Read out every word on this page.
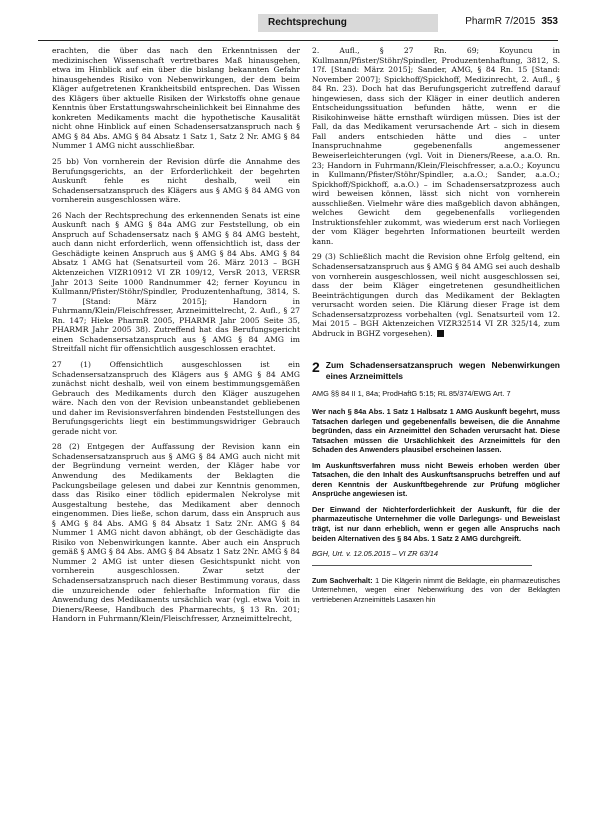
Rechtsprechung	PharmR 7/2015 353

erachten, die über das nach den Erkenntnissen der medizinischen Wissenschaft vertretbares Maß hinausgehen, etwa im Hinblick auf ein über die bislang bekannten Gefahr hinausgehendes Risiko von Nebenwirkungen, der dem beim Kläger aufgetretenen Krankheitsbild entsprechen. Das Wissen des Klägers über aktuelle Risiken der Wirkstoffs ohne genaue Kenntnis über Erstattungswahrscheinlichkeit bei Einnahme des konkreten Medikaments macht die hypothetische Kausalität nicht ohne Hinblick auf einen Schadensersatzanspruch nach § AMG § 84 Abs. AMG § 84 Absatz 1 Satz 1, Satz 2 Nr. AMG § 84 Nummer 1 AMG nicht ausschließbar.

25 bb) Von vornherein der Revision dürfe die Annahme des Berufungsgerichts, an der Erforderlichkeit der begehrten Auskunft fehle es nicht deshalb, weil ein Schadensersatzanspruch des Klägers aus § AMG § 84 AMG von vornherein ausgeschlossen wäre.

26 Nach der Rechtsprechung des erkennenden Senats ist eine Auskunft nach § AMG § 84a AMG zur Feststellung, ob ein Anspruch auf Schadensersatz nach § AMG § 84 AMG besteht, auch dann nicht erforderlich, wenn offensichtlich ist, dass der Geschädigte keinen Anspruch aus § AMG § 84 Abs. AMG § 84 Absatz 1 AMG hat (Senatsurteil vom 26. März 2013 – BGH Aktenzeichen VIZR10912 VI ZR 109/12, VersR 2013, VERSR Jahr 2013 Seite 1000 Randnummer 42; ferner Koyuncu in Kullmann/Pfister/Stöhr/Spindler, Produzentenhaftung, 3814, S. 7 [Stand: März 2015]; Handorn in Fuhrmann/Klein/Fleischfresser, Arzneimittelrecht, 2. Aufl., § 27 Rn. 147; Hieke PharmR 2005, PHARMR Jahr 2005 Seite 35, PHARMR Jahr 2005 38). Zutreffend hat das Berufungsgericht einen Schadensersatzanspruch aus § AMG § 84 AMG im Streitfall nicht für offensichtlich ausgeschlossen erachtet.

27 (1) Offensichtlich ausgeschlossen ist ein Schadensersatzanspruch des Klägers aus § AMG § 84 AMG zunächst nicht deshalb, weil von einem bestimmungsgemäßen Gebrauch des Medikaments durch den Kläger auszugehen wäre. Nach den von der Revision unbeanstandet gebliebenen und daher im Revisionsverfahren bindenden Feststellungen des Berufungsgerichts liegt ein bestimmungswidriger Gebrauch gerade nicht vor.

28 (2) Entgegen der Auffassung der Revision kann ein Schadensersatzanspruch aus § AMG § 84 AMG auch nicht mit der Begründung verneint werden, der Kläger habe vor Anwendung des Medikaments der Beklagten die Packungsbeilage gelesen und dabei zur Kenntnis genommen, dass das Risiko einer tödlich epidermalen Nekrolyse mit Ausgestaltung bestehe, das Medikament aber dennoch eingenommen. Dies ließe, schon darum, dass ein Anspruch aus § AMG § 84 Abs. AMG § 84 Absatz 1 Satz 2Nr. AMG § 84 Nummer 1 AMG nicht davon abhängt, ob der Geschädigte das Risiko von Nebenwirkungen kannte. Aber auch ein Anspruch gemäß § AMG § 84 Abs. AMG § 84 Absatz 1 Satz 2Nr. AMG § 84 Nummer 2 AMG ist unter diesen Gesichtspunkt nicht von vornherein ausgeschlossen. Zwar setzt der Schadensersatzanspruch nach dieser Bestimmung voraus, dass die unzureichende oder fehlerhafte Information für die Anwendung des Medikaments ursächlich war (vgl. etwa Voit in Dieners/Reese, Handbuch des Pharmarechts, § 13 Rn. 201; Handorn in Fuhrmann/Klein/Fleischfresser, Arzneimittelrecht,

2. Aufl., § 27 Rn. 69; Koyuncu in Kullmann/Pfister/Stöhr/Spindler, Produzentenhaftung, 3812, S. 17f. [Stand: März 2015]; Sander, AMG, § 84 Rn. 15 [Stand: November 2007]; Spickhoff/Spickhoff, Medizinrecht, 2. Aufl., § 84 Rn. 23). Doch hat das Berufungsgericht zutreffend darauf hingewiesen, dass sich der Kläger in einer deutlich anderen Entscheidungssituation befunden hätte, wenn er die Risikohinweise hätte ernsthaft würdigen müssen. Dies ist der Fall, da das Medikament verursachende Art – sich in diesem Fall anders entschieden hätte und dies – unter Inanspruchnahme gegebenenfalls angemessener Beweiserleichterungen (vgl. Voit in Dieners/Reese, a.a.O. Rn. 23; Handorn in Fuhrmann/Klein/Fleischfresser, a.a.O.; Koyuncu in Kullmann/Pfister/Stöhr/Spindler, a.a.O.; Sander, a.a.O.; Spickhoff/Spickhoff, a.a.O.) – im Schadensersatzprozess auch wird beweisen können, lässt sich nicht von vornherein ausschließen. Vielmehr wäre dies maßgeblich davon abhängen, welches Gewicht dem gegebenenfalls vorliegenden Instruktionsfehler zukommt, was wiederum erst nach Vorliegen der vom Kläger begehrten Informationen beurteilt werden kann.

29 (3) Schließlich macht die Revision ohne Erfolg geltend, ein Schadensersatzanspruch aus § AMG § 84 AMG sei auch deshalb von vornherein ausgeschlossen, weil nicht ausgeschlossen sei, dass der beim Kläger eingetretenen gesundheitlichen Beeinträchtigungen durch das Medikament der Beklagten verursacht worden seien. Die Klärung dieser Frage ist dem Schadensersatzprozess vorbehalten (vgl. Senatsurteil vom 12. Mai 2015 – BGH Aktenzeichen VIZR32514 VI ZR 325/14, zum Abdruck in BGHZ vorgesehen).

2 Zum Schadensersatzanspruch wegen Nebenwirkungen eines Arzneimittels
AMG §§ 84 II 1, 84a; ProdHaftG 5:15; RL 85/374/EWG Art. 7

Wer nach § 84a Abs. 1 Satz 1 Halbsatz 1 AMG Auskunft begehrt, muss Tatsachen darlegen und gegebenenfalls beweisen, die die Annahme begründen, dass ein Arzneimittel den Schaden verursacht hat. Diese Tatsachen müssen die Ursächlichkeit des Arzneimittels für den Schaden des Anwenders plausibel erscheinen lassen.

Im Auskunftsverfahren muss nicht Beweis erhoben werden über Tatsachen, die den Inhalt des Auskunftsanspruchs betreffen und auf deren Kenntnis der Auskunftbegehrende zur Prüfung möglicher Ansprüche angewiesen ist.

Der Einwand der Nichterforderlichkeit der Auskunft, für die der pharmazeutische Unternehmer die volle Darlegungs- und Beweislast trägt, ist nur dann erheblich, wenn er gegen alle Anspruchs nach beiden Alternativen des § 84 Abs. 1 Satz 2 AMG durchgreift.

BGH, Urt. v. 12.05.2015 – VI ZR 63/14

Zum Sachverhalt: 1 Die Klägerin nimmt die Beklagte, ein pharmazeutisches Unternehmen, wegen einer Nebenwirkung des von der Beklagten vertriebenen Arzneimittels Lasaxen hin
